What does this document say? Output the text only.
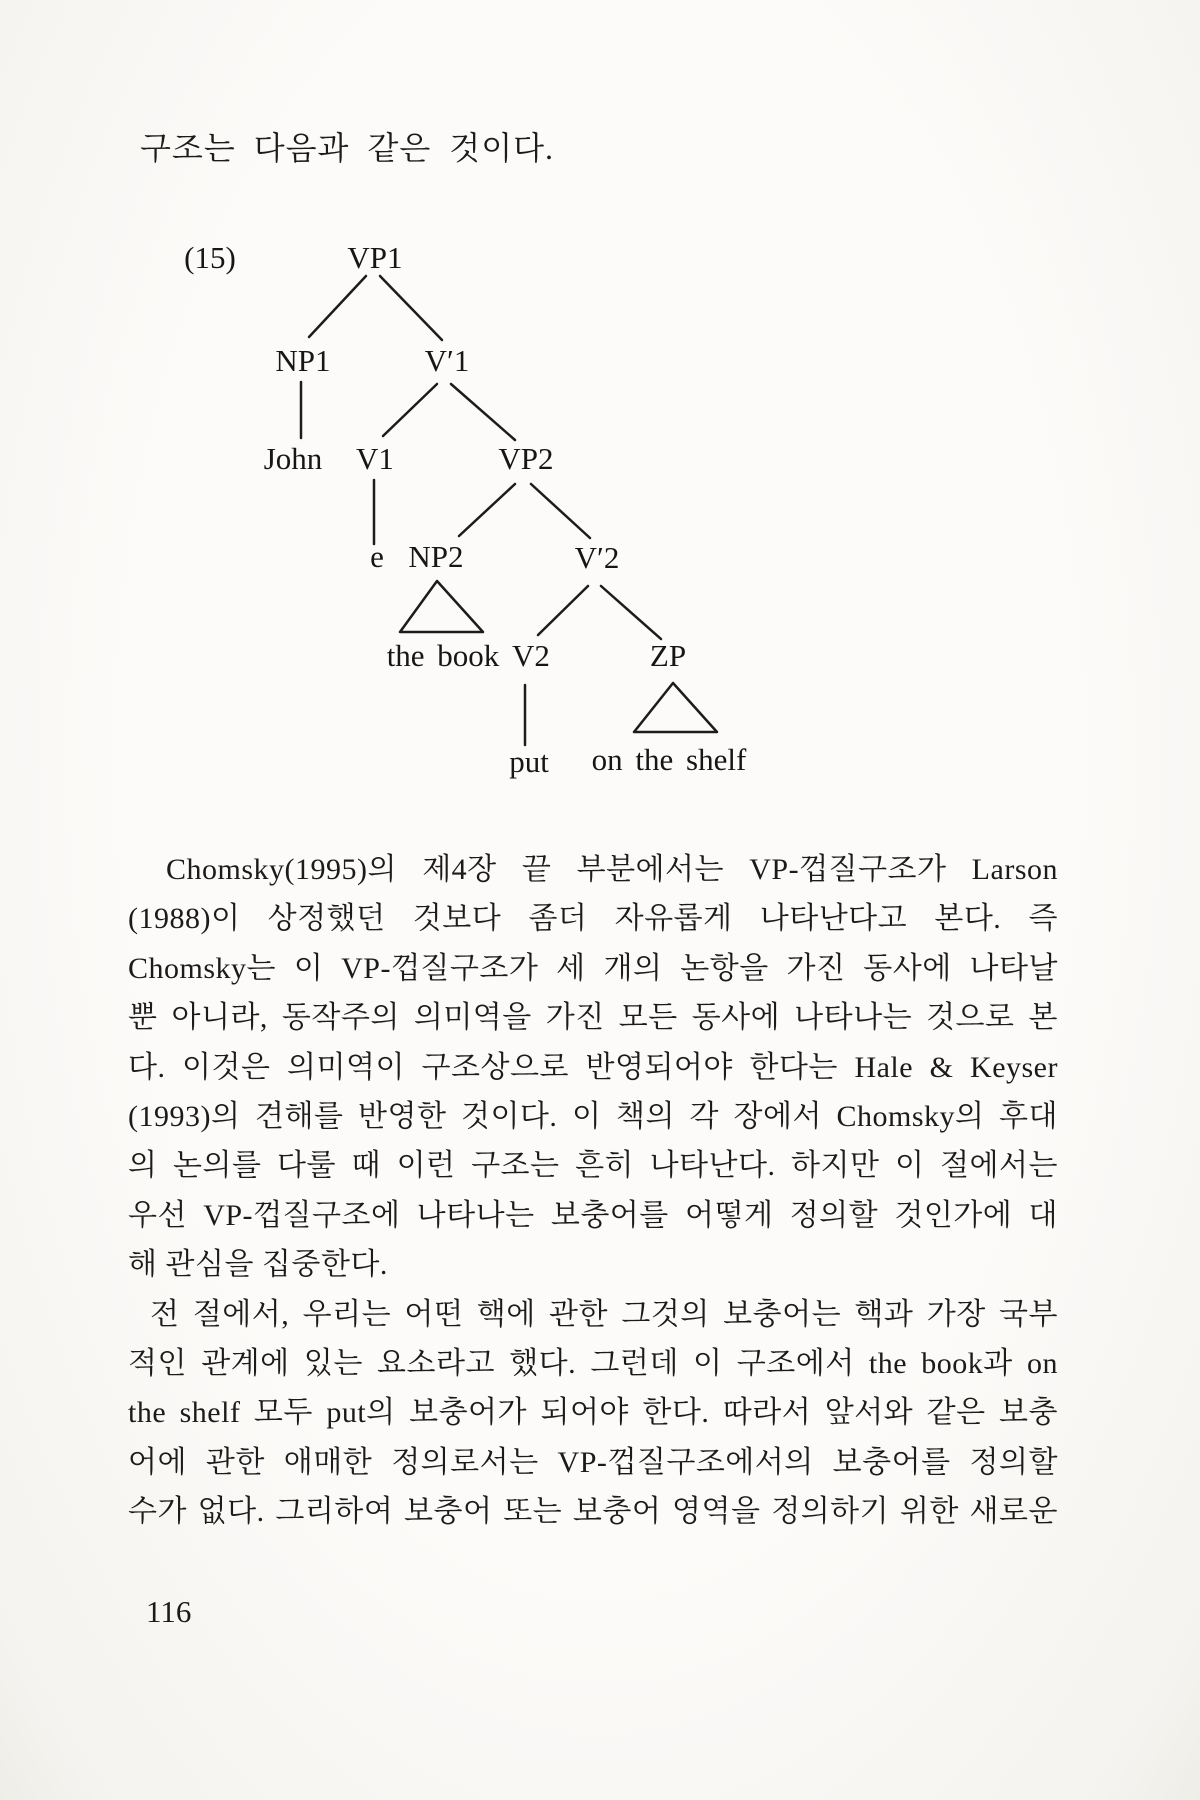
구조는 다음과 같은 것이다.
(15)	VP1
NP1	V′1
John V1	VP2
e NP2	V′2
the book V2	ZP
put on the shelf
Chomsky(1995)의 제4장 끝 부분에서는 VP-껍질구조가 Larson
(1988)이 상정했던 것보다 좀더 자유롭게 나타난다고 본다. 즉
Chomsky는 이 VP-껍질구조가 세 개의 논항을 가진 동사에 나타날
뿐 아니라, 동작주의 의미역을 가진 모든 동사에 나타나는 것으로 본
다. 이것은 의미역이 구조상으로 반영되어야 한다는 Hale & Keyser
(1993)의 견해를 반영한 것이다. 이 책의 각 장에서 Chomsky의 후대
의 논의를 다룰 때 이런 구조는 흔히 나타난다. 하지만 이 절에서는
우선 VP-껍질구조에 나타나는 보충어를 어떻게 정의할 것인가에 대
해 관심을 집중한다.
전 절에서, 우리는 어떤 핵에 관한 그것의 보충어는 핵과 가장 국부
적인 관계에 있는 요소라고 했다. 그런데 이 구조에서 the book과 on
the shelf 모두 put의 보충어가 되어야 한다. 따라서 앞서와 같은 보충
어에 관한 애매한 정의로서는 VP-껍질구조에서의 보충어를 정의할
수가 없다. 그리하여 보충어 또는 보충어 영역을 정의하기 위한 새로운
116
